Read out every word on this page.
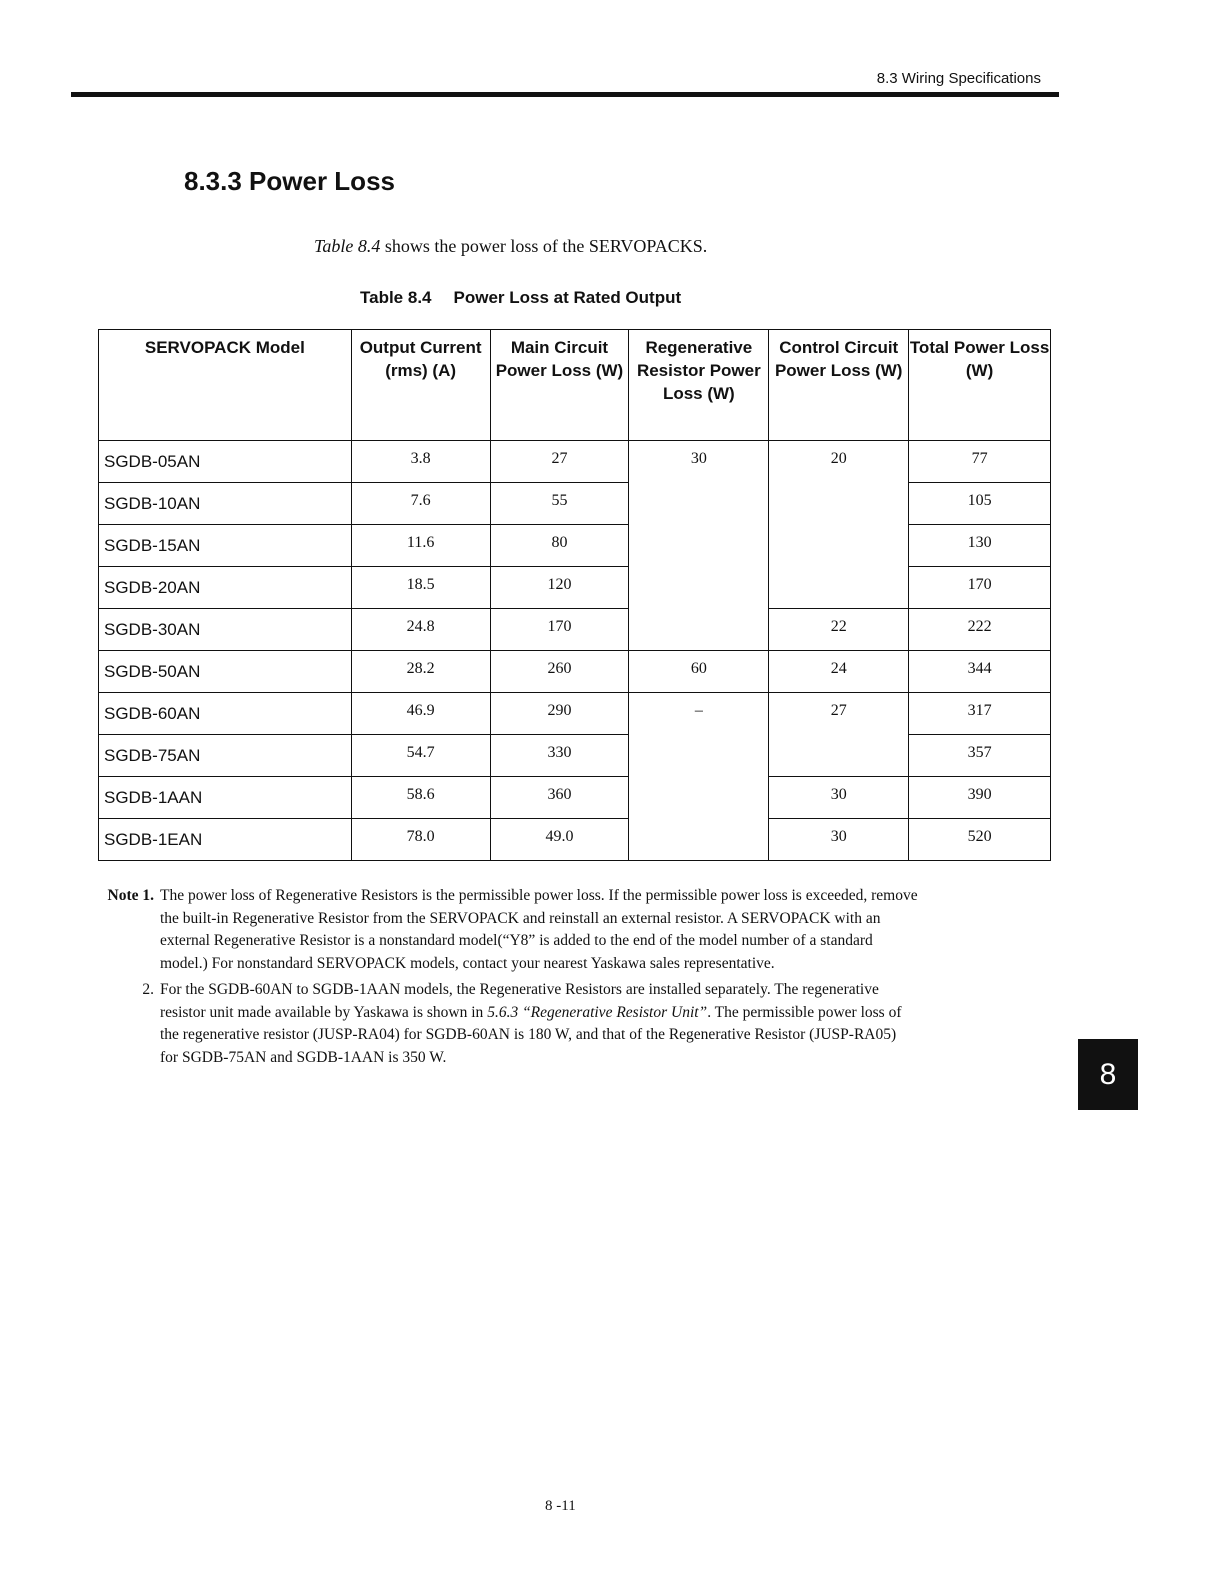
8.3 Wiring Specifications
8.3.3 Power Loss
Table 8.4 shows the power loss of the SERVOPACKS.
Table 8.4 Power Loss at Rated Output
SERVOPACK Model	Output Current (rms) (A)	Main Circuit Power Loss (W)	Regenerative Resistor Power Loss (W)	Control Circuit Power Loss (W)	Total Power Loss (W)
SGDB-05AN	3.8	27	30	20	77
SGDB-10AN	7.6	55			105
SGDB-15AN	11.6	80			130
SGDB-20AN	18.5	120			170
SGDB-30AN	24.8	170		22	222
SGDB-50AN	28.2	260	60	24	344
SGDB-60AN	46.9	290	–	27	317
SGDB-75AN	54.7	330			357
SGDB-1AAN	58.6	360		30	390
SGDB-1EAN	78.0	49.0		30	520
Note 1. The power loss of Regenerative Resistors is the permissible power loss. If the permissible power loss is exceeded, remove the built-in Regenerative Resistor from the SERVOPACK and reinstall an external resistor. A SERVOPACK with an external Regenerative Resistor is a nonstandard model(“Y8” is added to the end of the model number of a standard model.) For nonstandard SERVOPACK models, contact your nearest Yaskawa sales representative.
2. For the SGDB-60AN to SGDB-1AAN models, the Regenerative Resistors are installed separately. The regenerative resistor unit made available by Yaskawa is shown in 5.6.3 “Regenerative Resistor Unit”. The permissible power loss of the regenerative resistor (JUSP-RA04) for SGDB-60AN is 180 W, and that of the Regenerative Resistor (JUSP-RA05) for SGDB-75AN and SGDB-1AAN is 350 W.
8
8 -11
